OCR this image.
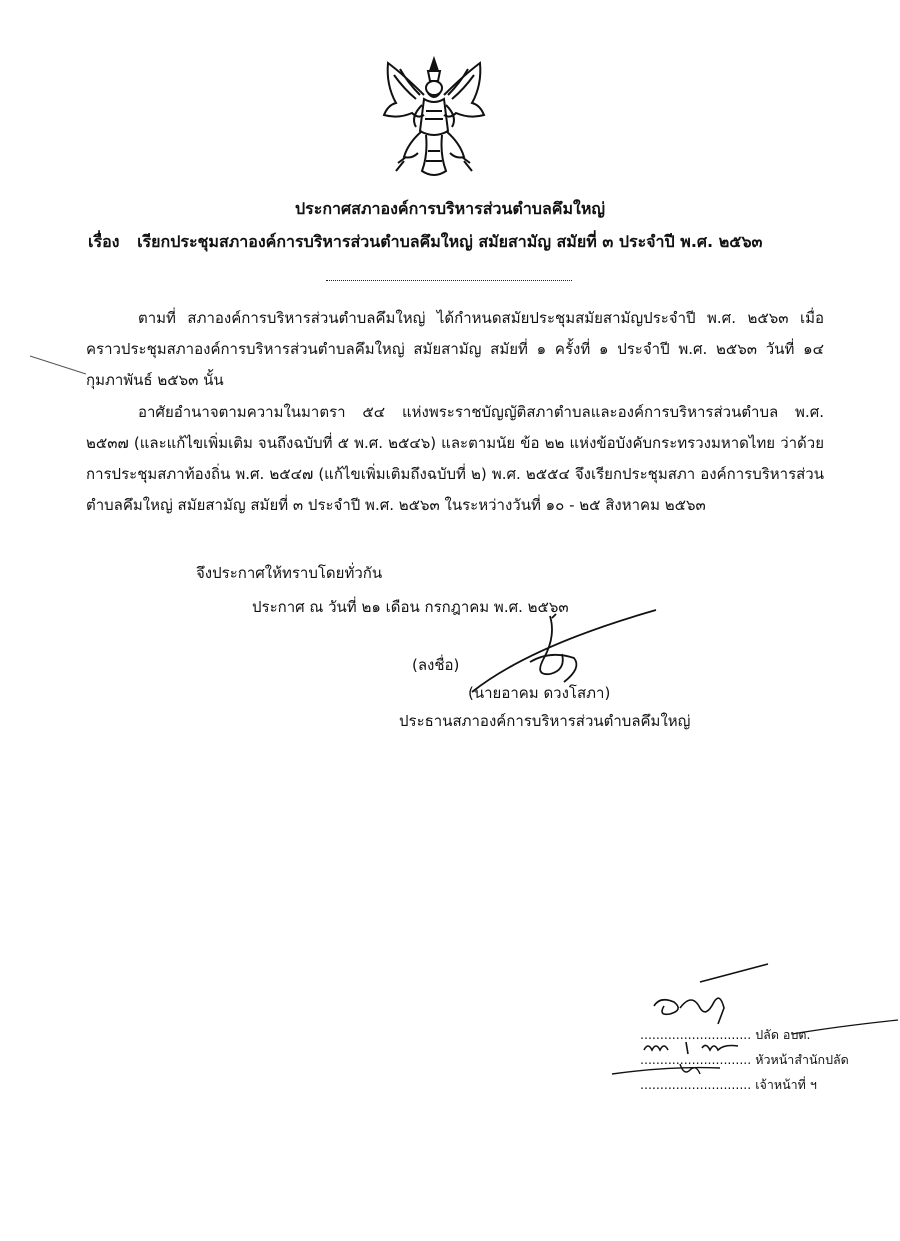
ประกาศสภาองค์การบริหารส่วนตำบลคึมใหญ่
เรื่อง เรียกประชุมสภาองค์การบริหารส่วนตำบลคึมใหญ่ สมัยสามัญ สมัยที่ ๓ ประจำปี พ.ศ. ๒๕๖๓
ตามที่ สภาองค์การบริหารส่วนตำบลคึมใหญ่ ได้กำหนดสมัยประชุมสมัยสามัญประจำปี พ.ศ. ๒๕๖๓ เมื่อคราวประชุมสภาองค์การบริหารส่วนตำบลคึมใหญ่ สมัยสามัญ สมัยที่ ๑ ครั้งที่ ๑ ประจำปี พ.ศ. ๒๕๖๓ วันที่ ๑๔ กุมภาพันธ์ ๒๕๖๓ นั้น
อาศัยอำนาจตามความในมาตรา ๕๔ แห่งพระราชบัญญัติสภาตำบลและองค์การบริหารส่วนตำบล พ.ศ. ๒๕๓๗ (และแก้ไขเพิ่มเติม จนถึงฉบับที่ ๕ พ.ศ. ๒๕๔๖) และตามนัย ข้อ ๒๒ แห่งข้อบังคับกระทรวงมหาดไทย ว่าด้วยการประชุมสภาท้องถิ่น พ.ศ. ๒๕๔๗ (แก้ไขเพิ่มเติมถึงฉบับที่ ๒) พ.ศ. ๒๕๕๔ จึงเรียกประชุมสภา องค์การบริหารส่วนตำบลคึมใหญ่ สมัยสามัญ สมัยที่ ๓ ประจำปี พ.ศ. ๒๕๖๓ ในระหว่างวันที่ ๑๐ - ๒๕ สิงหาคม ๒๕๖๓
จึงประกาศให้ทราบโดยทั่วกัน
ประกาศ ณ วันที่ ๒๑ เดือน กรกฎาคม พ.ศ. ๒๕๖๓
(ลงชื่อ)
(นายอาคม ดวงโสภา)
ประธานสภาองค์การบริหารส่วนตำบลคึมใหญ่
............................ ปลัด อบต.
............................ หัวหน้าสำนักปลัด
............................ เจ้าหน้าที่ ฯ
